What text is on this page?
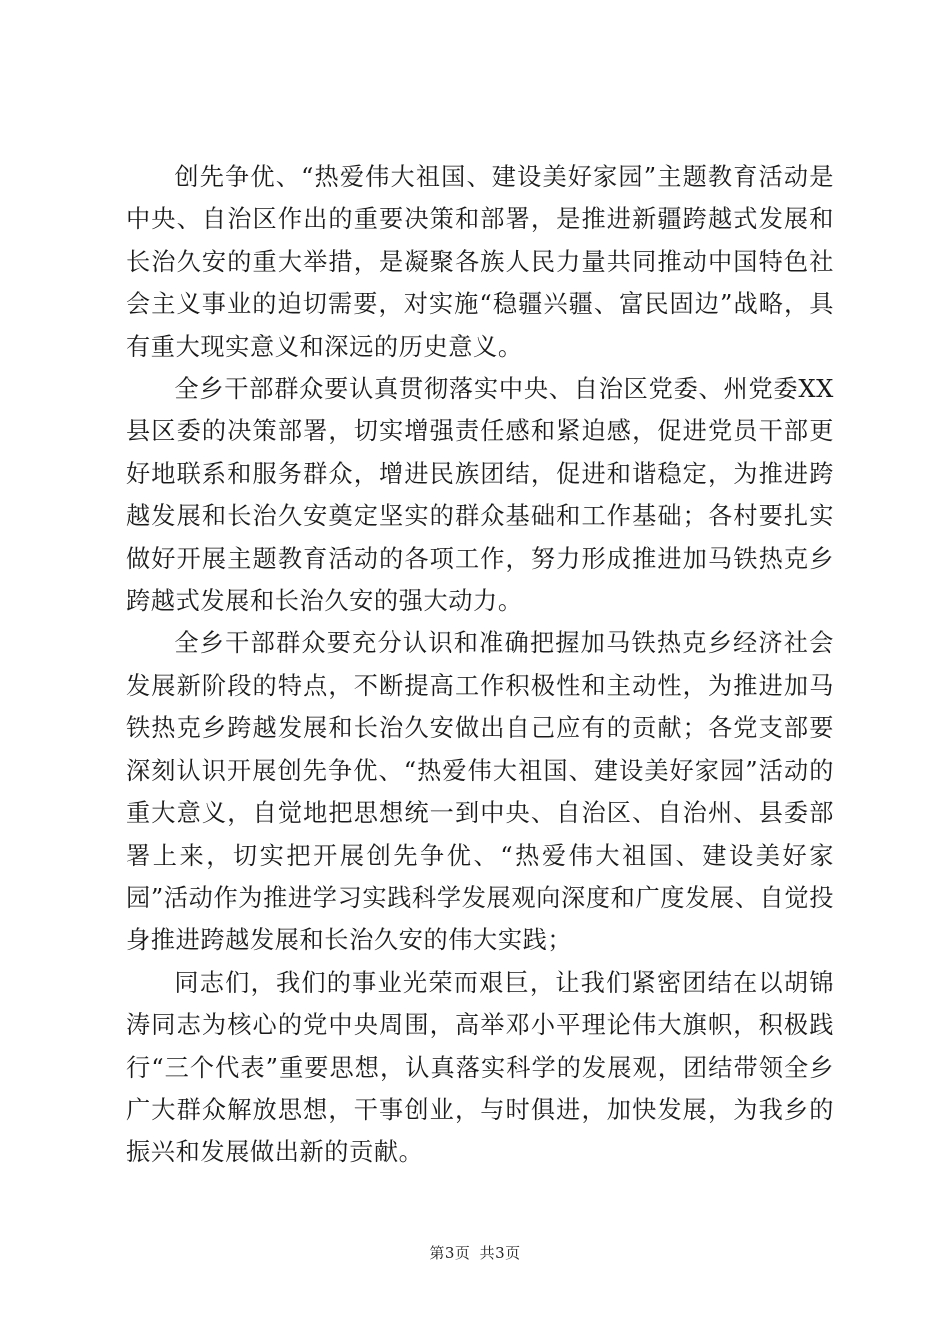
创先争优、“热爱伟大祖国、建设美好家园”主题教育活动是中央、自治区作出的重要决策和部署，是推进新疆跨越式发展和长治久安的重大举措，是凝聚各族人民力量共同推动中国特色社会主义事业的迫切需要，对实施“稳疆兴疆、富民固边”战略，具有重大现实意义和深远的历史意义。

全乡干部群众要认真贯彻落实中央、自治区党委、州党委XX县区委的决策部署，切实增强责任感和紧迫感，促进党员干部更好地联系和服务群众，增进民族团结，促进和谐稳定，为推进跨越发展和长治久安奠定坚实的群众基础和工作基础；各村要扎实做好开展主题教育活动的各项工作，努力形成推进加马铁热克乡跨越式发展和长治久安的强大动力。

全乡干部群众要充分认识和准确把握加马铁热克乡经济社会发展新阶段的特点，不断提高工作积极性和主动性，为推进加马铁热克乡跨越发展和长治久安做出自己应有的贡献；各党支部要深刻认识开展创先争优、“热爱伟大祖国、建设美好家园”活动的重大意义，自觉地把思想统一到中央、自治区、自治州、县委部署上来，切实把开展创先争优、“热爱伟大祖国、建设美好家园”活动作为推进学习实践科学发展观向深度和广度发展、自觉投身推进跨越发展和长治久安的伟大实践；

同志们，我们的事业光荣而艰巨，让我们紧密团结在以胡锦涛同志为核心的党中央周围，高举邓小平理论伟大旗帜，积极践行“三个代表”重要思想，认真落实科学的发展观，团结带领全乡广大群众解放思想，干事创业，与时俱进，加快发展，为我乡的振兴和发展做出新的贡献。

第3页 共3页
